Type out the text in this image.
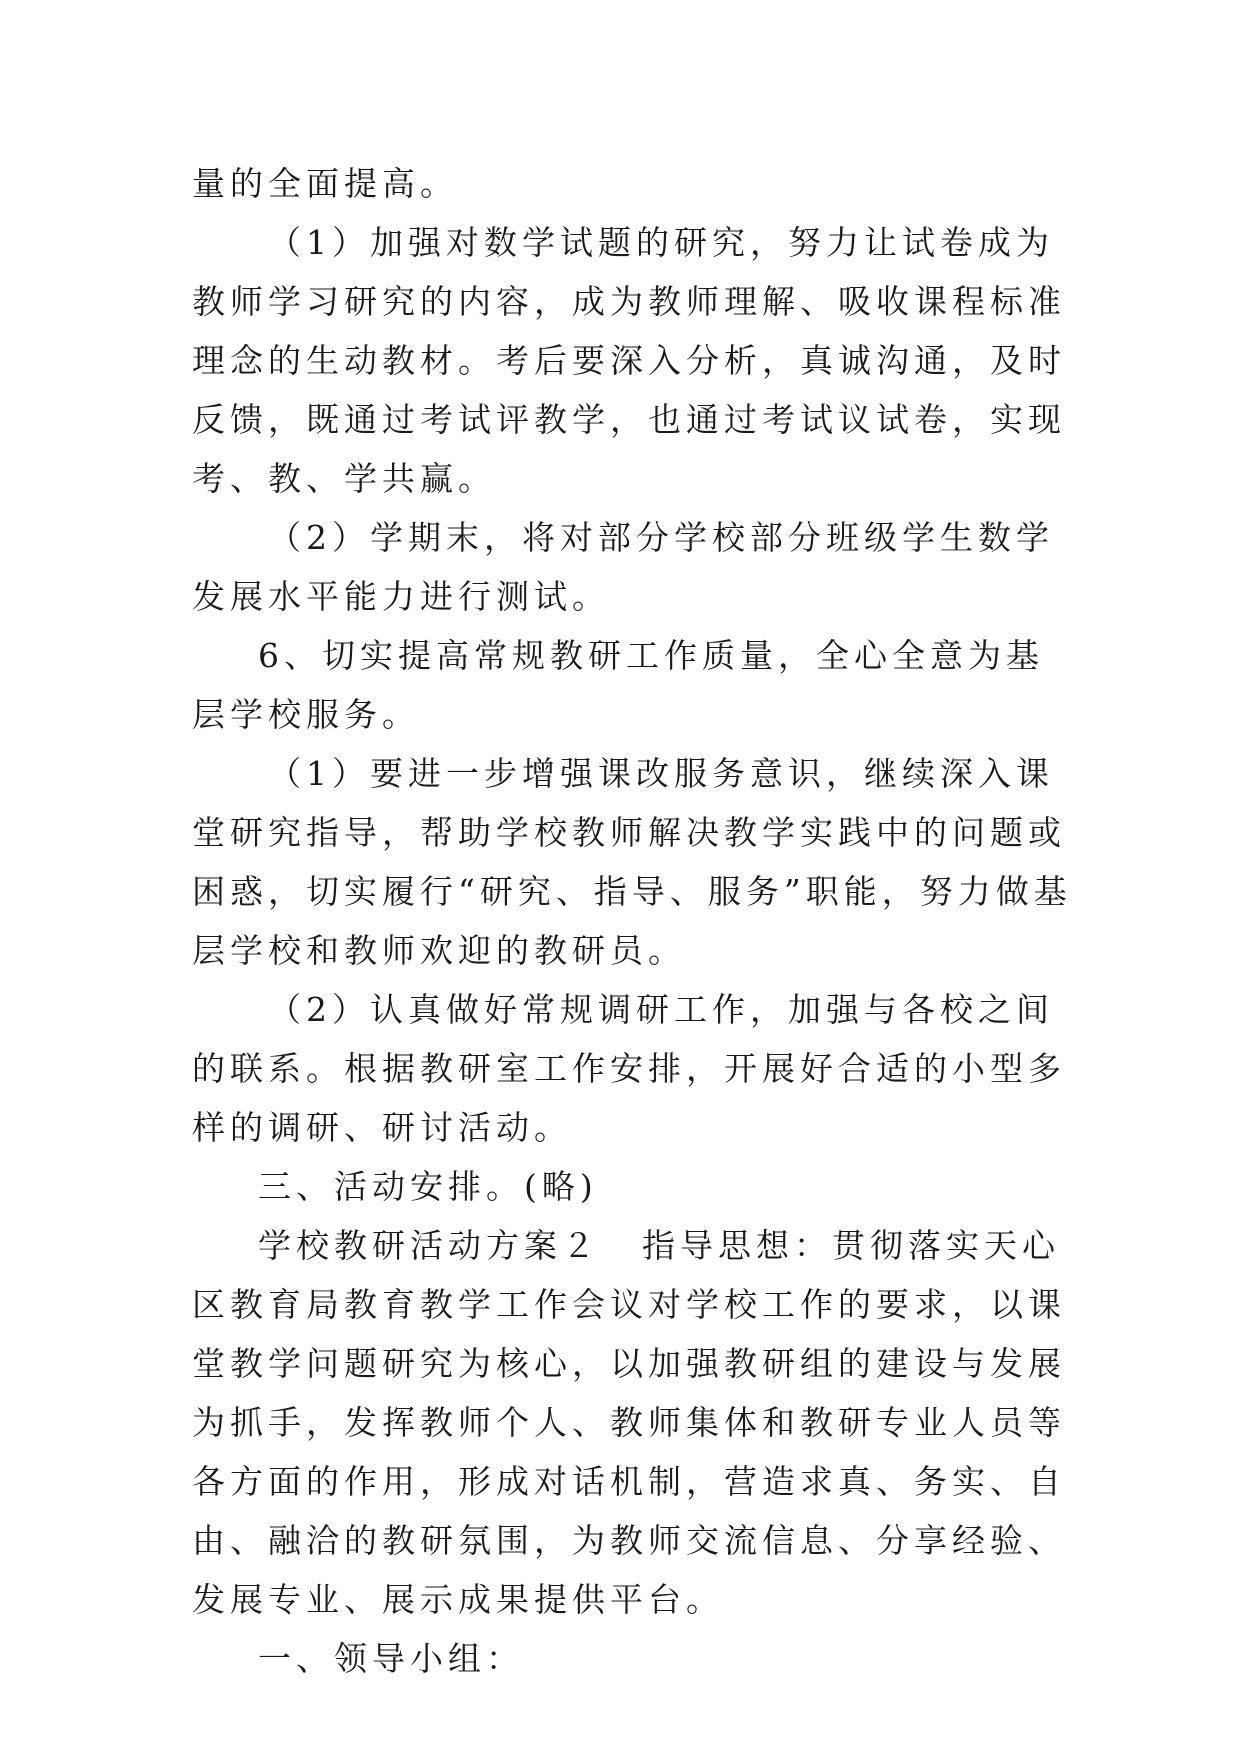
量的全面提高。

（1）加强对数学试题的研究，努力让试卷成为教师学习研究的内容，成为教师理解、吸收课程标准理念的生动教材。考后要深入分析，真诚沟通，及时反馈，既通过考试评教学，也通过考试议试卷，实现考、教、学共赢。

（2）学期末，将对部分学校部分班级学生数学发展水平能力进行测试。

6、切实提高常规教研工作质量，全心全意为基层学校服务。

（1）要进一步增强课改服务意识，继续深入课堂研究指导，帮助学校教师解决教学实践中的问题或困惑，切实履行“研究、指导、服务”职能，努力做基层学校和教师欢迎的教研员。

（2）认真做好常规调研工作，加强与各校之间的联系。根据教研室工作安排，开展好合适的小型多样的调研、研讨活动。

三、活动安排。(略)

学校教研活动方案２ 指导思想：贯彻落实天心区教育局教育教学工作会议对学校工作的要求，以课堂教学问题研究为核心，以加强教研组的建设与发展为抓手，发挥教师个人、教师集体和教研专业人员等各方面的作用，形成对话机制，营造求真、务实、自由、融洽的教研氛围，为教师交流信息、分享经验、发展专业、展示成果提供平台。

一、领导小组：
